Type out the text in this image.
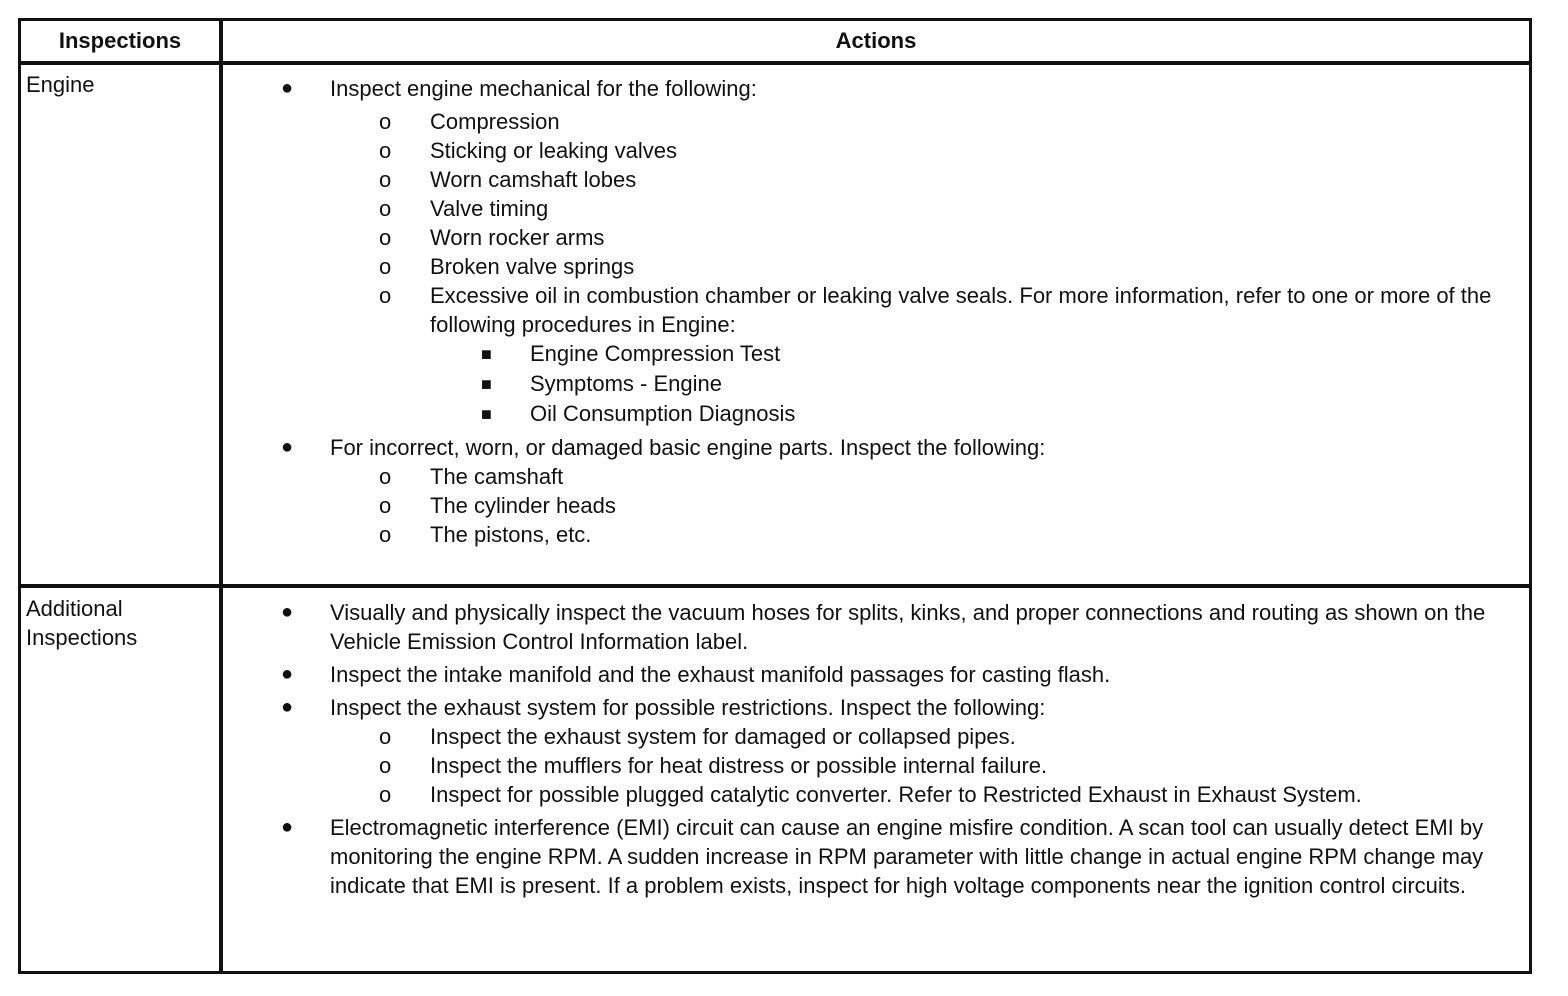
Inspections	Actions
Engine	● Inspect engine mechanical for the following:
o Compression
o Sticking or leaking valves
o Worn camshaft lobes
o Valve timing
o Worn rocker arms
o Broken valve springs
o Excessive oil in combustion chamber or leaking valve seals. For more information, refer to one or more of the following procedures in Engine:
■ Engine Compression Test
■ Symptoms - Engine
■ Oil Consumption Diagnosis
● For incorrect, worn, or damaged basic engine parts. Inspect the following:
o The camshaft
o The cylinder heads
o The pistons, etc.
Additional Inspections
● Visually and physically inspect the vacuum hoses for splits, kinks, and proper connections and routing as shown on the Vehicle Emission Control Information label.
● Inspect the intake manifold and the exhaust manifold passages for casting flash.
● Inspect the exhaust system for possible restrictions. Inspect the following:
o Inspect the exhaust system for damaged or collapsed pipes.
o Inspect the mufflers for heat distress or possible internal failure.
o Inspect for possible plugged catalytic converter. Refer to Restricted Exhaust in Exhaust System.
● Electromagnetic interference (EMI) circuit can cause an engine misfire condition. A scan tool can usually detect EMI by monitoring the engine RPM. A sudden increase in RPM parameter with little change in actual engine RPM change may indicate that EMI is present. If a problem exists, inspect for high voltage components near the ignition control circuits.
